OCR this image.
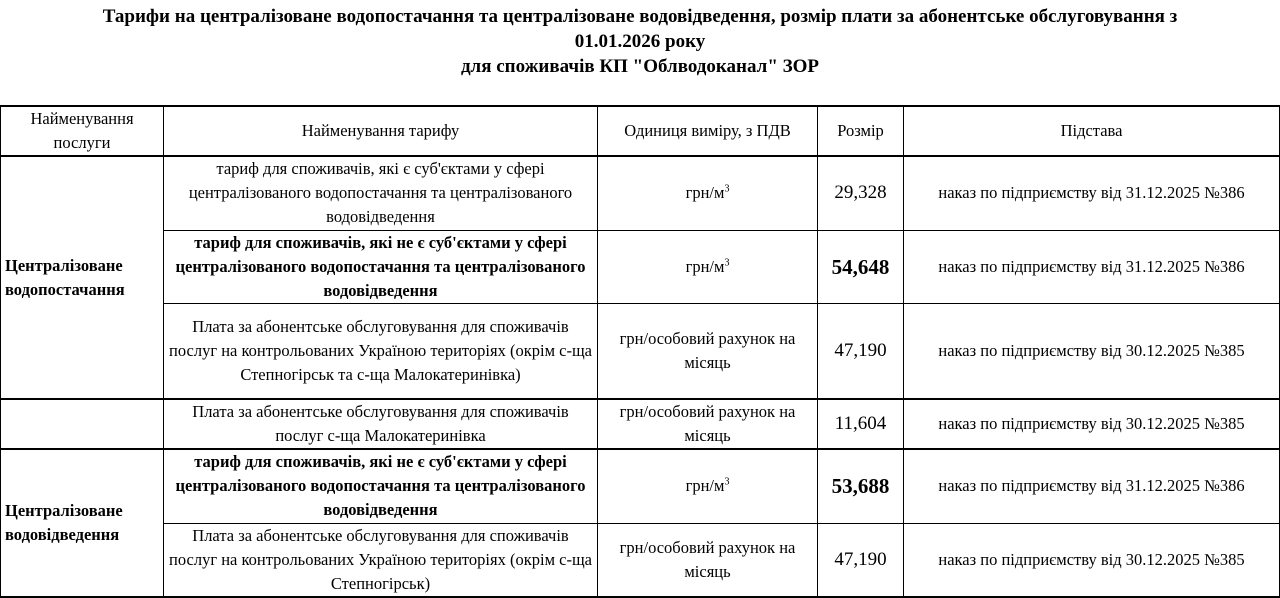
Тарифи на централізоване водопостачання та централізоване водовідведення, розмір плати за абонентське обслуговування з
01.01.2026 року
для споживачів КП "Облводоканал" ЗОР
Найменування послуги	Найменування тарифу	Одиниця виміру, з ПДВ	Розмір	Підстава
Централізоване водопостачання	тариф для споживачів, які є суб'єктами у сфері централізованого водопостачання та централізованого водовідведення	грн/$м^3$	29,328	наказ по підприємству від 31.12.2025 №386
	тариф для споживачів, які не є суб'єктами у сфері централізованого водопостачання та централізованого водовідведення	грн/$м^3$	54,648	наказ по підприємству від 31.12.2025 №386
	Плата за абонентське обслуговування для споживачів послуг на контрольованих Україною територіях (окрім с-ща Степногірськ та с-ща Малокатеринівка)	грн/особовий рахунок на місяць	47,190	наказ по підприємству від 30.12.2025 №385
	Плата за абонентське обслуговування для споживачів послуг с-ща Малокатеринівка	грн/особовий рахунок на місяць	11,604	наказ по підприємству від 30.12.2025 №385
Централізоване водовідведення	тариф для споживачів, які не є суб'єктами у сфері централізованого водопостачання та централізованого водовідведення	грн/$м^3$	53,688	наказ по підприємству від 31.12.2025 №386
	Плата за абонентське обслуговування для споживачів послуг на контрольованих Україною територіях (окрім с-ща Степногірськ)	грн/особовий рахунок на місяць	47,190	наказ по підприємству від 30.12.2025 №385
